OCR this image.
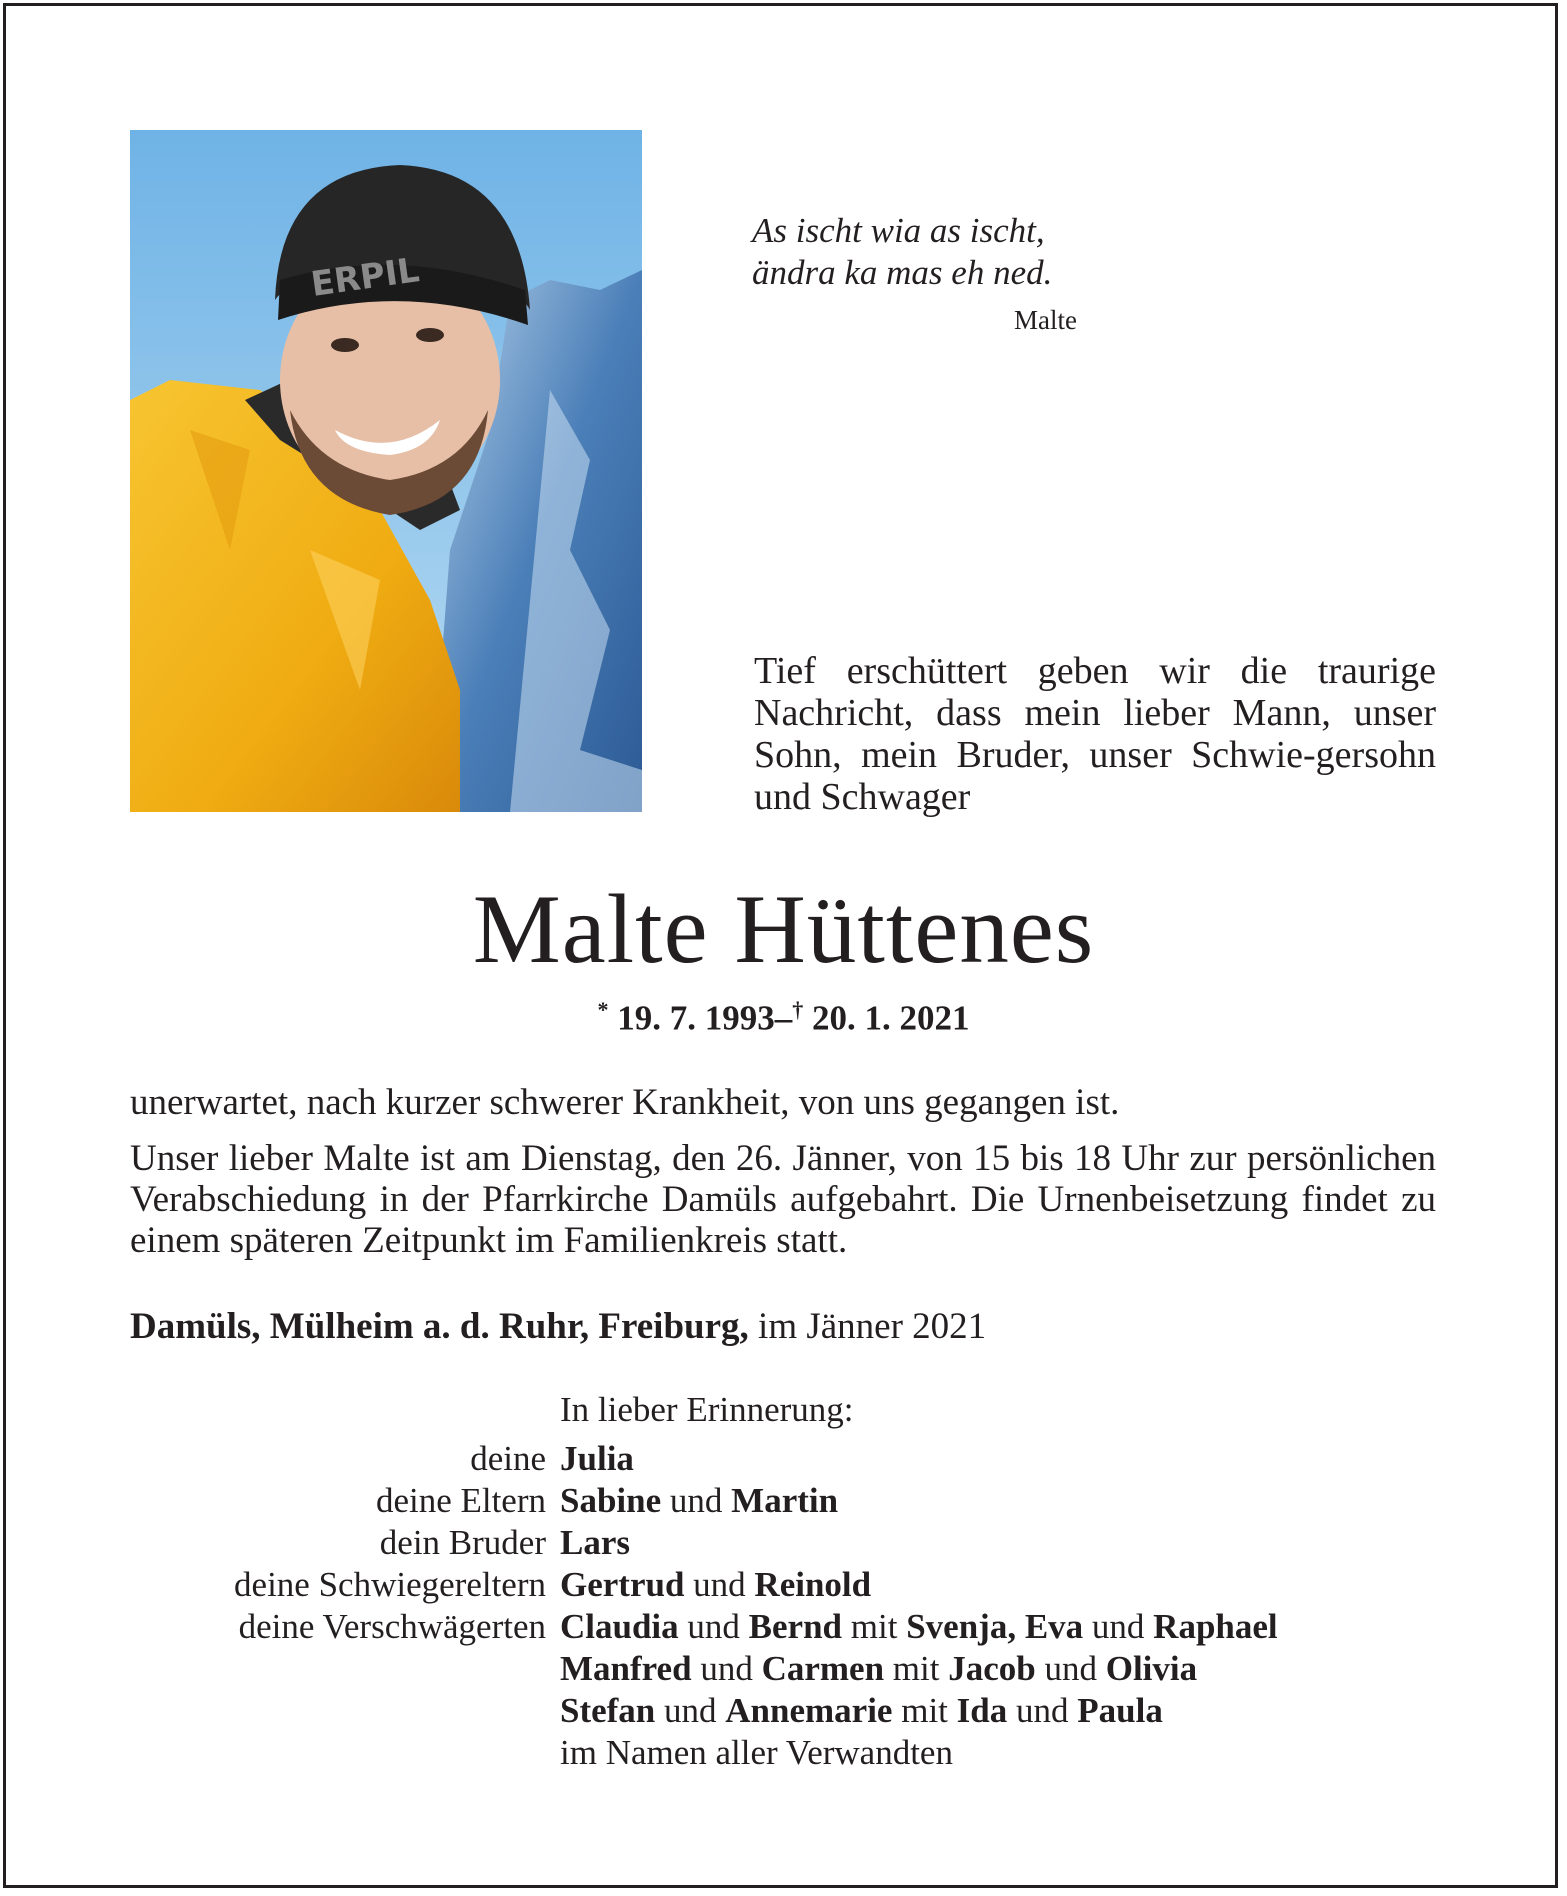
ERPIL
As ischt wia as ischt,
ändra ka mas eh ned.
Malte
Tief erschüttert geben wir die traurige Nachricht, dass mein lieber Mann, unser Sohn, mein Bruder, unser Schwie-gersohn und Schwager
Malte Hüttenes
* 19. 7. 1993–† 20. 1. 2021
unerwartet, nach kurzer schwerer Krankheit, von uns gegangen ist.
Unser lieber Malte ist am Dienstag, den 26. Jänner, von 15 bis 18 Uhr zur persönlichen Verabschiedung in der Pfarrkirche Damüls aufgebahrt. Die Urnenbeisetzung findet zu einem späteren Zeitpunkt im Familienkreis statt.
Damüls, Mülheim a. d. Ruhr, Freiburg, im Jänner 2021
In lieber Erinnerung:
deine Julia
deine Eltern Sabine und Martin
dein Bruder Lars
deine Schwiegereltern Gertrud und Reinold
deine Verschwägerten Claudia und Bernd mit Svenja, Eva und Raphael
Manfred und Carmen mit Jacob und Olivia
Stefan und Annemarie mit Ida und Paula
im Namen aller Verwandten
